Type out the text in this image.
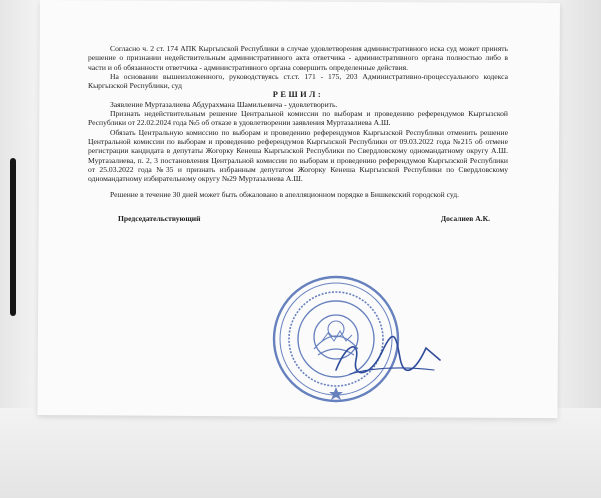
Согласно ч. 2 ст. 174 АПК Кыргызской Республики в случае удовлетворения административного иска суд может принять решение о признании недействительным административного акта ответчика - административного органа полностью либо в части и об обязанности ответчика - административного органа совершить определенные действия.

На основании вышеизложенного, руководствуясь ст.ст. 171 - 175, 203 Административно-процессуального кодекса Кыргызской Республики, суд

РЕШИЛ:

Заявление Муртазалиева Абдурахмана Шамильевича - удовлетворить.

Признать недействительным решение Центральной комиссии по выборам и проведению референдумов Кыргызской Республики от 22.02.2024 года №5 об отказе в удовлетворении заявления Муртазалиева А.Ш.

Обязать Центральную комиссию по выборам и проведению референдумов Кыргызской Республики отменить решение Центральной комиссии по выборам и проведению референдумов Кыргызской Республики от 09.03.2022 года №215 об отмене регистрации кандидата в депутаты Жогорку Кенеша Кыргызской Республики по Свердловскому одномандатному округу А.Ш. Муртазалиева, п. 2, 3 постановления Центральной комиссии по выборам и проведению референдумов Кыргызской Республики от 25.03.2022 года №35 и признать избранным депутатом Жогорку Кенеша Кыргызской Республики по Свердловскому одномандатному избирательному округу №29 Муртазалиева А.Ш.

Решение в течение 30 дней может быть обжаловано в апелляционном порядке в Бишкекский городской суд.

Председательствующий	Досалиев А.К.
